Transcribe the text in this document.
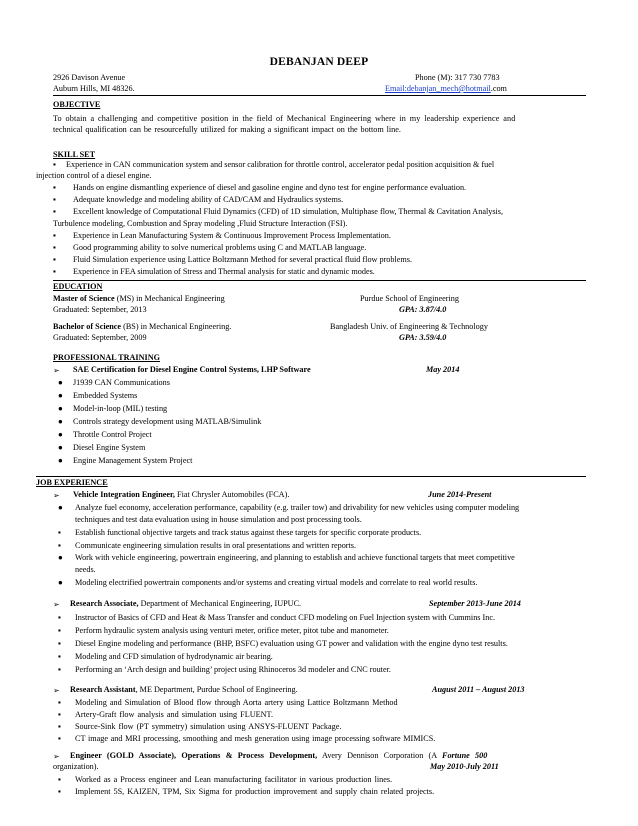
DEBANJAN DEEP
2926 Davison Avenue
Auburn Hills, MI 48326.
Phone (M): 317 730 7783
Email:debanjan_mech@hotmail.com
OBJECTIVE
To obtain a challenging and competitive position in the field of Mechanical Engineering where in my leadership experience and
technical qualification can be resourcefully utilized for making a significant impact on the bottom line.
SKILL SET
▪ Experience in CAN communication system and sensor calibration for throttle control, accelerator pedal position acquisition & fuel
injection control of a diesel engine.
▪ Hands on engine dismantling experience of diesel and gasoline engine and dyno test for engine performance evaluation.
▪ Adequate knowledge and modeling ability of CAD/CAM and Hydraulics systems.
▪ Excellent knowledge of Computational Fluid Dynamics (CFD) of 1D simulation, Multiphase flow, Thermal & Cavitation Analysis,
Turbulence modeling, Combustion and Spray modeling ,Fluid Structure Interaction (FSI).
▪ Experience in Lean Manufacturing System & Continuous Improvement Process Implementation.
▪ Good programming ability to solve numerical problems using C and MATLAB language.
▪ Fluid Simulation experience using Lattice Boltzmann Method for several practical fluid flow problems.
▪ Experience in FEA simulation of Stress and Thermal analysis for static and dynamic modes.
EDUCATION
Master of Science (MS) in Mechanical Engineering	Purdue School of Engineering
Graduated: September, 2013	GPA: 3.87/4.0
Bachelor of Science (BS) in Mechanical Engineering.	Bangladesh Univ. of Engineering & Technology
Graduated: September, 2009	GPA: 3.59/4.0
PROFESSIONAL TRAINING
➢ SAE Certification for Diesel Engine Control Systems, LHP Software	May 2014
● J1939 CAN Communications
● Embedded Systems
● Model-in-loop (MIL) testing
● Controls strategy development using MATLAB/Simulink
● Throttle Control Project
● Diesel Engine System
● Engine Management System Project
JOB EXPERIENCE
➢ Vehicle Integration Engineer, Fiat Chrysler Automobiles (FCA).	June 2014-Present
● Analyze fuel economy, acceleration performance, capability (e.g. trailer tow) and drivability for new vehicles using computer modeling
techniques and test data evaluation using in house simulation and post processing tools.
▪ Establish functional objective targets and track status against these targets for specific corporate products.
▪ Communicate engineering simulation results in oral presentations and written reports.
● Work with vehicle engineering, powertrain engineering, and planning to establish and achieve functional targets that meet competitive
needs.
● Modeling electrified powertrain components and/or systems and creating virtual models and correlate to real world results.
➢ Research Associate, Department of Mechanical Engineering, IUPUC.	September 2013-June 2014
▪ Instructor of Basics of CFD and Heat & Mass Transfer and conduct CFD modeling on Fuel Injection system with Cummins Inc.
▪ Perform hydraulic system analysis using venturi meter, orifice meter, pitot tube and manometer.
▪ Diesel Engine modeling and performance (BHP, BSFC) evaluation using GT power and validation with the engine dyno test results.
▪ Modeling and CFD simulation of hydrodynamic air bearing.
▪ Performing an ‘Arch design and building’ project using Rhinoceros 3d modeler and CNC router.
➢ Research Assistant, ME Department, Purdue School of Engineering.	August 2011 – August 2013
▪ Modeling and Simulation of Blood flow through Aorta artery using Lattice Boltzmann Method
▪ Artery-Graft flow analysis and simulation using FLUENT.
▪ Source-Sink flow (PT symmetry) simulation using ANSYS-FLUENT Package.
▪ CT image and MRI processing, smoothing and mesh generation using image processing software MIMICS.
➢ Engineer (GOLD Associate), Operations & Process Development, Avery Dennison Corporation (A Fortune 500
organization).	May 2010-July 2011
▪ Worked as a Process engineer and Lean manufacturing facilitator in various production lines.
▪ Implement 5S, KAIZEN, TPM, Six Sigma for production improvement and supply chain related projects.
